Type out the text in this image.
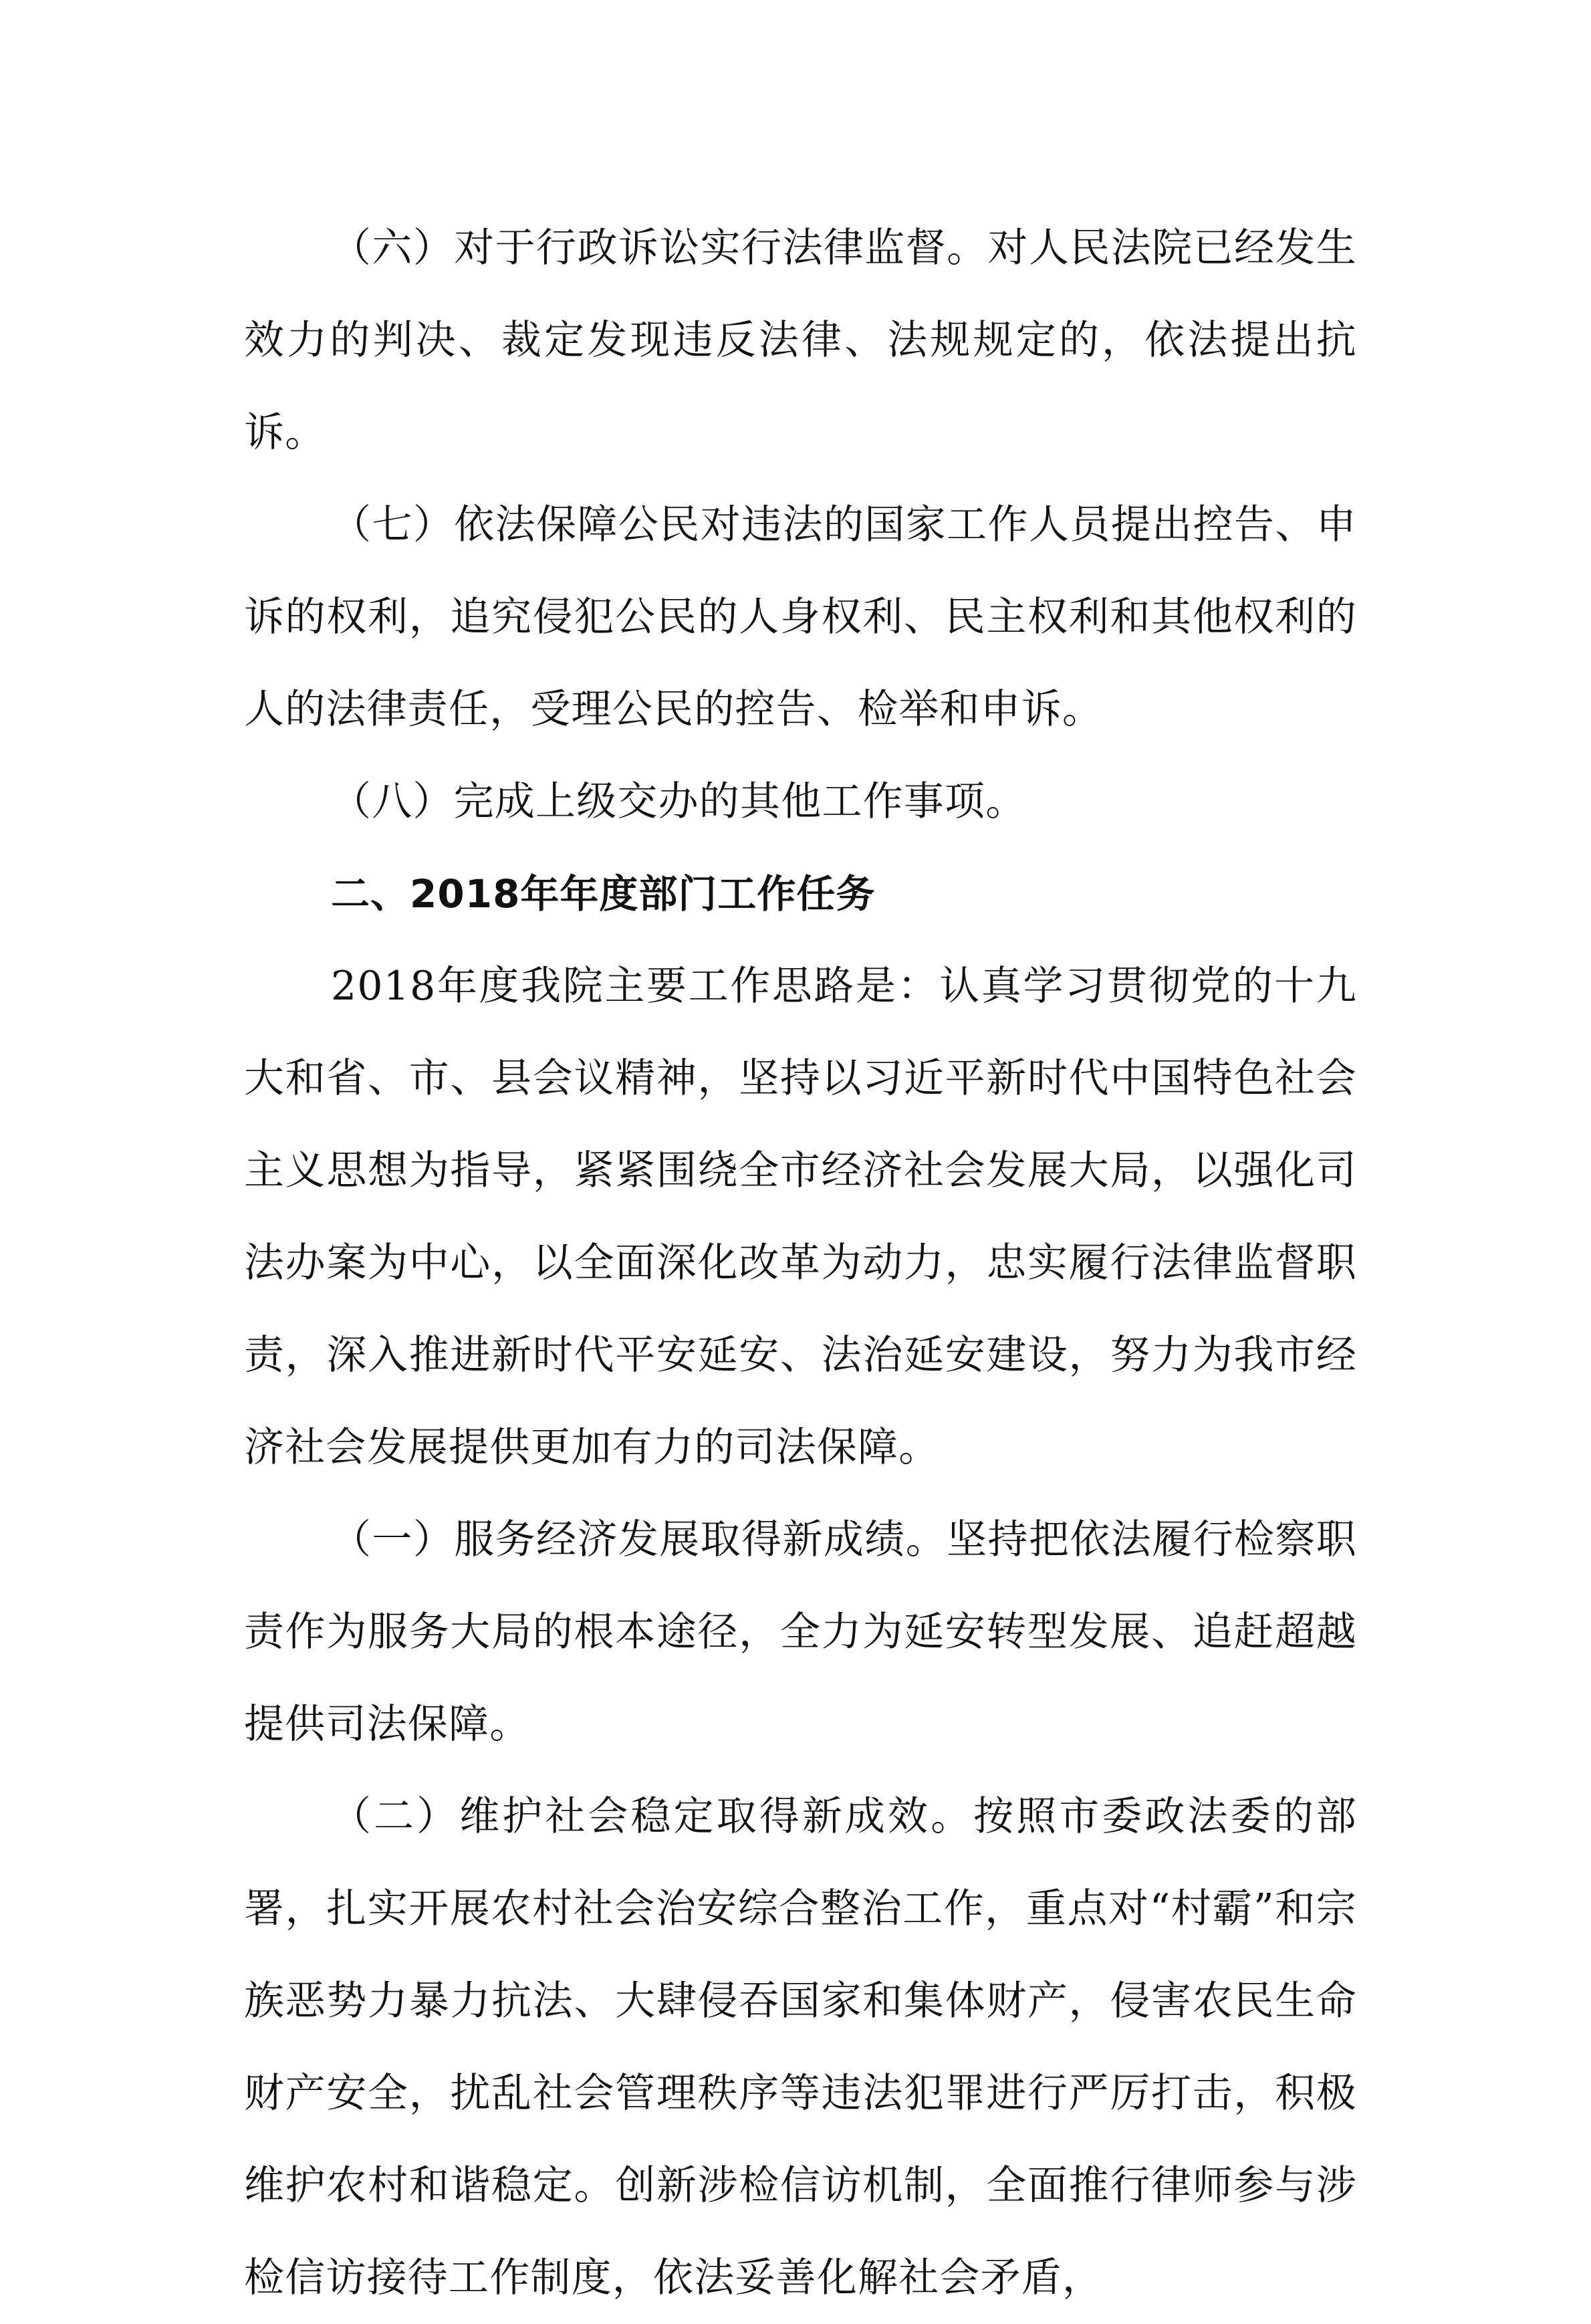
（六）对于行政诉讼实行法律监督。对人民法院已经发生效力的判决、裁定发现违反法律、法规规定的，依法提出抗诉。

（七）依法保障公民对违法的国家工作人员提出控告、申诉的权利，追究侵犯公民的人身权利、民主权利和其他权利的人的法律责任，受理公民的控告、检举和申诉。

（八）完成上级交办的其他工作事项。

二、2018年年度部门工作任务

2018年度我院主要工作思路是：认真学习贯彻党的十九大和省、市、县会议精神，坚持以习近平新时代中国特色社会主义思想为指导，紧紧围绕全市经济社会发展大局，以强化司法办案为中心，以全面深化改革为动力，忠实履行法律监督职责，深入推进新时代平安延安、法治延安建设，努力为我市经济社会发展提供更加有力的司法保障。

（一）服务经济发展取得新成绩。坚持把依法履行检察职责作为服务大局的根本途径，全力为延安转型发展、追赶超越提供司法保障。

（二）维护社会稳定取得新成效。按照市委政法委的部署，扎实开展农村社会治安综合整治工作，重点对“村霸”和宗族恶势力暴力抗法、大肆侵吞国家和集体财产，侵害农民生命财产安全，扰乱社会管理秩序等违法犯罪进行严厉打击，积极维护农村和谐稳定。创新涉检信访机制，全面推行律师参与涉检信访接待工作制度，依法妥善化解社会矛盾，
